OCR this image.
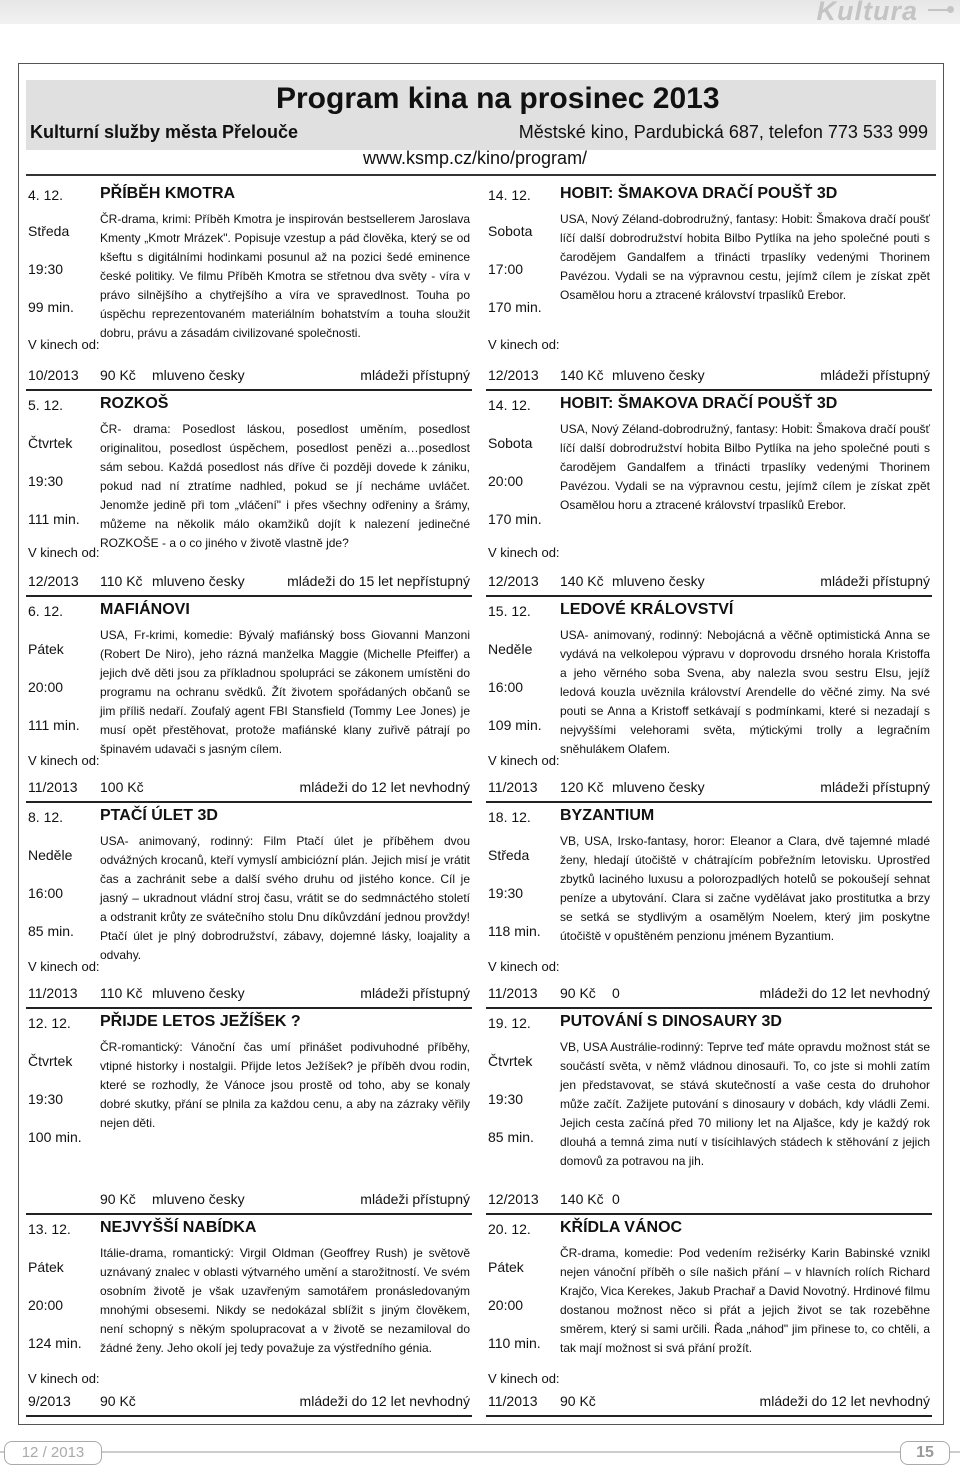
Kultura
Program kina na prosinec 2013
Kulturní služby města Přelouče	Městské kino, Pardubická 687, telefon 773 533 999
www.ksmp.cz/kino/program/
4. 12. PŘÍBĚH KMOTRA
Středa
19:30
99 min.
V kinech od:
ČR-drama, krimi: Příběh Kmotra je inspirován bestsellerem Jaroslava Kmenty „Kmotr Mrázek". Popisuje vzestup a pád člověka, který se od kšeftu s digitálními hodinkami posunul až na pozici šedé eminence české politiky. Ve filmu Příběh Kmotra se střetnou dva světy - víra v právo silnějšího a chytřejšího a víra ve spravedlnost. Touha po úspěchu reprezentovaném materiálním bohatstvím a touha sloužit dobru, právu a zásadám civilizované společnosti.
10/2013 90 Kč mluveno česky	mládeži přístupný
5. 12. ROZKOŠ
Čtvrtek
19:30
111 min.
V kinech od:
ČR- drama: Posedlost láskou, posedlost uměním, posedlost originalitou, posedlost úspěchem, posedlost penězi a…posedlost sám sebou. Každá posedlost nás dříve či později dovede k zániku, pokud nad ní ztratíme nadhled, pokud se jí necháme uvláčet. Jenomže jedině při tom „vláčení" i přes všechny odřeniny a šrámy, můžeme na několik málo okamžiků dojít k nalezení jedinečné ROZKOŠE - a o co jiného v životě vlastně jde?
12/2013 110 Kč mluveno česky	mládeži do 15 let nepřístupný
6. 12. MAFIÁNOVI
Pátek
20:00
111 min.
V kinech od:
USA, Fr-krimi, komedie: Bývalý mafiánský boss Giovanni Manzoni (Robert De Niro), jeho rázná manželka Maggie (Michelle Pfeiffer) a jejich dvě děti jsou za příkladnou spolupráci se zákonem umístěni do programu na ochranu svědků. Žít životem spořádaných občanů se jim příliš nedaří. Zoufalý agent FBI Stansfield (Tommy Lee Jones) je musí opět přestěhovat, protože mafiánské klany zuřivě pátrají po špinavém udavači s jasným cílem.
11/2013 100 Kč	mládeži do 12 let nevhodný
8. 12. PTAČÍ ÚLET 3D
Neděle
16:00
85 min.
V kinech od:
USA- animovaný, rodinný: Film Ptačí úlet je příběhem dvou odvážných krocanů, kteří vymyslí ambiciózní plán. Jejich misí je vrátit čas a zachránit sebe a další svého druhu od jistého konce. Cíl je jasný – ukradnout vládní stroj času, vrátit se do sedmnáctého století a odstranit krůty ze svátečního stolu Dnu díkůvzdání jednou provždy! Ptačí úlet je plný dobrodružství, zábavy, dojemné lásky, loajality a odvahy.
11/2013 110 Kč mluveno česky	mládeži přístupný
12. 12. PŘIJDE LETOS JEŽÍŠEK ?
Čtvrtek
19:30
100 min.
ČR-romantický: Vánoční čas umí přinášet podivuhodné příběhy, vtipné historky i nostalgii. Přijde letos Ježíšek? je příběh dvou rodin, které se rozhodly, že Vánoce jsou prostě od toho, aby se konaly dobré skutky, přání se plnila za každou cenu, a aby na zázraky věřily nejen děti.
90 Kč mluveno česky	mládeži přístupný
13. 12. NEJVYŠŠÍ NABÍDKA
Pátek
20:00
124 min.
V kinech od:
Itálie-drama, romantický: Virgil Oldman (Geoffrey Rush) je světově uznávaný znalec v oblasti výtvarného umění a starožitností. Ve svém osobním životě je však uzavřeným samotářem pronásledovaným mnohými obsesemi. Nikdy se nedokázal sblížit s jiným člověkem, není schopný s někým spolupracovat a v životě se nezamiloval do žádné ženy. Jeho okolí jej tedy považuje za výstředního génia.
9/2013 90 Kč	mládeži do 12 let nevhodný
14. 12. HOBIT: ŠMAKOVA DRAČÍ POUŠŤ 3D
Sobota
17:00
170 min.
V kinech od:
USA, Nový Zéland-dobrodružný, fantasy: Hobit: Šmakova dračí poušť líčí další dobrodružství hobita Bilbo Pytlíka na jeho společné pouti s čarodějem Gandalfem a třinácti trpaslíky vedenými Thorinem Pavézou. Vydali se na výpravnou cestu, jejímž cílem je získat zpět Osamělou horu a ztracené království trpaslíků Erebor.
12/2013 140 Kč mluveno česky	mládeži přístupný
14. 12. HOBIT: ŠMAKOVA DRAČÍ POUŠŤ 3D
Sobota
20:00
170 min.
V kinech od:
USA, Nový Zéland-dobrodružný, fantasy: Hobit: Šmakova dračí poušť líčí další dobrodružství hobita Bilbo Pytlíka na jeho společné pouti s čarodějem Gandalfem a třinácti trpaslíky vedenými Thorinem Pavézou. Vydali se na výpravnou cestu, jejímž cílem je získat zpět Osamělou horu a ztracené království trpaslíků Erebor.
12/2013 140 Kč mluveno česky	mládeži přístupný
15. 12. LEDOVÉ KRÁLOVSTVÍ
Neděle
16:00
109 min.
V kinech od:
USA- animovaný, rodinný: Nebojácná a věčně optimistická Anna se vydává na velkolepou výpravu v doprovodu drsného horala Kristoffa a jeho věrného soba Svena, aby nalezla svou sestru Elsu, jejíž ledová kouzla uvěznila království Arendelle do věčné zimy. Na své pouti se Anna a Kristoff setkávají s podmínkami, které si nezadají s nejvyššími velehorami světa, mýtickými trolly a legračním sněhulákem Olafem.
11/2013 120 Kč mluveno česky	mládeži přístupný
18. 12. BYZANTIUM
Středa
19:30
118 min.
V kinech od:
VB, USA, Irsko-fantasy, horor: Eleanor a Clara, dvě tajemné mladé ženy, hledají útočiště v chátrajícím pobřežním letovisku. Uprostřed zbytků laciného luxusu a polorozpadlých hotelů se pokoušejí sehnat peníze a ubytování. Clara si začne vydělávat jako prostitutka a brzy se setká se stydlivým a osamělým Noelem, který jim poskytne útočiště v opuštěném penzionu jménem Byzantium.
11/2013 90 Kč 0	mládeži do 12 let nevhodný
19. 12. PUTOVÁNÍ S DINOSAURY 3D
Čtvrtek
19:30
85 min.
VB, USA Austrálie-rodinný: Teprve teď máte opravdu možnost stát se součástí světa, v němž vládnou dinosauři. To, co jste si mohli zatím jen představovat, se stává skutečností a vaše cesta do druhohor může začít. Zažijete putování s dinosaury v dobách, kdy vládli Zemi. Jejich cesta začíná před 70 miliony let na Aljašce, kdy je každý rok dlouhá a temná zima nutí v tisícihlavých stádech k stěhování z jejich domovů za potravou na jih.
12/2013 140 Kč 0
20. 12. KŘÍDLA VÁNOC
Pátek
20:00
110 min.
V kinech od:
ČR-drama, komedie: Pod vedením režisérky Karin Babinské vznikl nejen vánoční příběh o síle našich přání – v hlavních rolích Richard Krajčo, Vica Kerekes, Jakub Prachař a David Novotný. Hrdinové filmu dostanou možnost něco si přát a jejich život se tak rozeběhne směrem, který si sami určili. Řada „náhod" jim přinese to, co chtěli, a tak mají možnost si svá přání prožít.
11/2013 90 Kč	mládeži do 12 let nevhodný
12 / 2013	15
